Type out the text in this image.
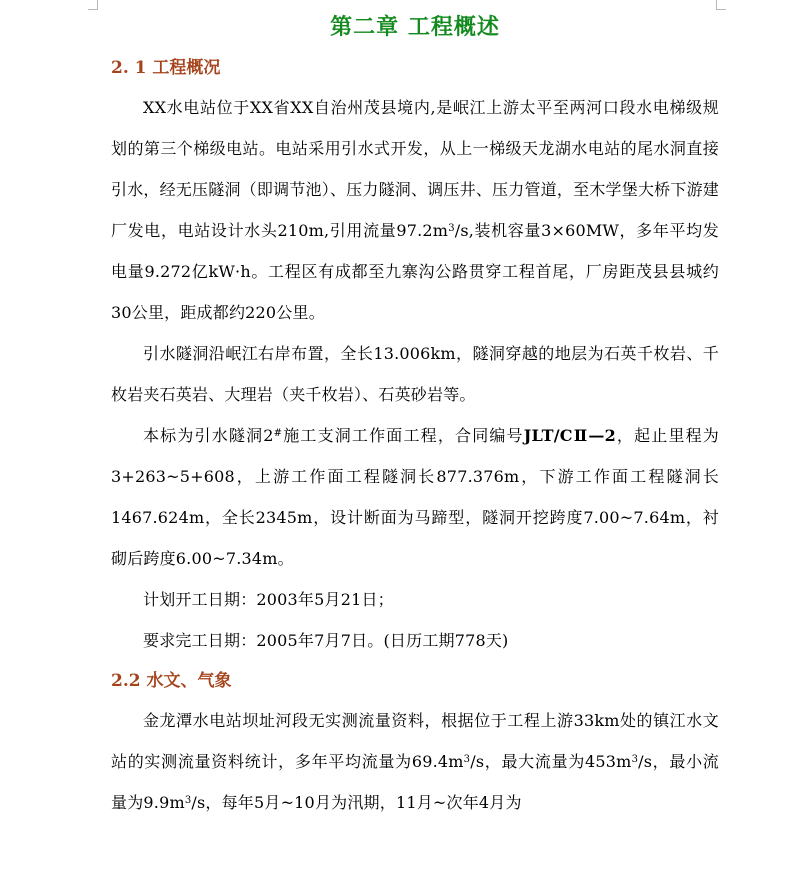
第二章 工程概述
2. 1 工程概况

XX水电站位于XX省XX自治州茂县境内,是岷江上游太平至两河口段水电梯级规划的第三个梯级电站。电站采用引水式开发，从上一梯级天龙湖水电站的尾水洞直接引水，经无压隧洞（即调节池）、压力隧洞、调压井、压力管道，至木学堡大桥下游建厂发电，电站设计水头210m,引用流量$97.2m^3/s$,装机容量3×60MW，多年平均发电量9.272亿kW·h。工程区有成都至九寨沟公路贯穿工程首尾，厂房距茂县县城约30公里，距成都约220公里。

引水隧洞沿岷江右岸布置，全长13.006km，隧洞穿越的地层为石英千枚岩、千枚岩夹石英岩、大理岩（夹千枚岩）、石英砂岩等。

本标为引水隧洞2#施工支洞工作面工程，合同编号JLT/CⅡ—2，起止里程为3+263~5+608，上游工作面工程隧洞长877.376m，下游工作面工程隧洞长1467.624m，全长2345m，设计断面为马蹄型，隧洞开挖跨度7.00~7.64m，衬砌后跨度6.00~7.34m。

计划开工日期：2003年5月21日；

要求完工日期：2005年7月7日。(日历工期778天)

2.2 水文、气象

金龙潭水电站坝址河段无实测流量资料，根据位于工程上游33km处的镇江水文站的实测流量资料统计，多年平均流量为$69.4m^3/s$，最大流量为$453m^3/s$，最小流量为$9.9m^3/s$，每年5月~10月为汛期，11月~次年4月为
